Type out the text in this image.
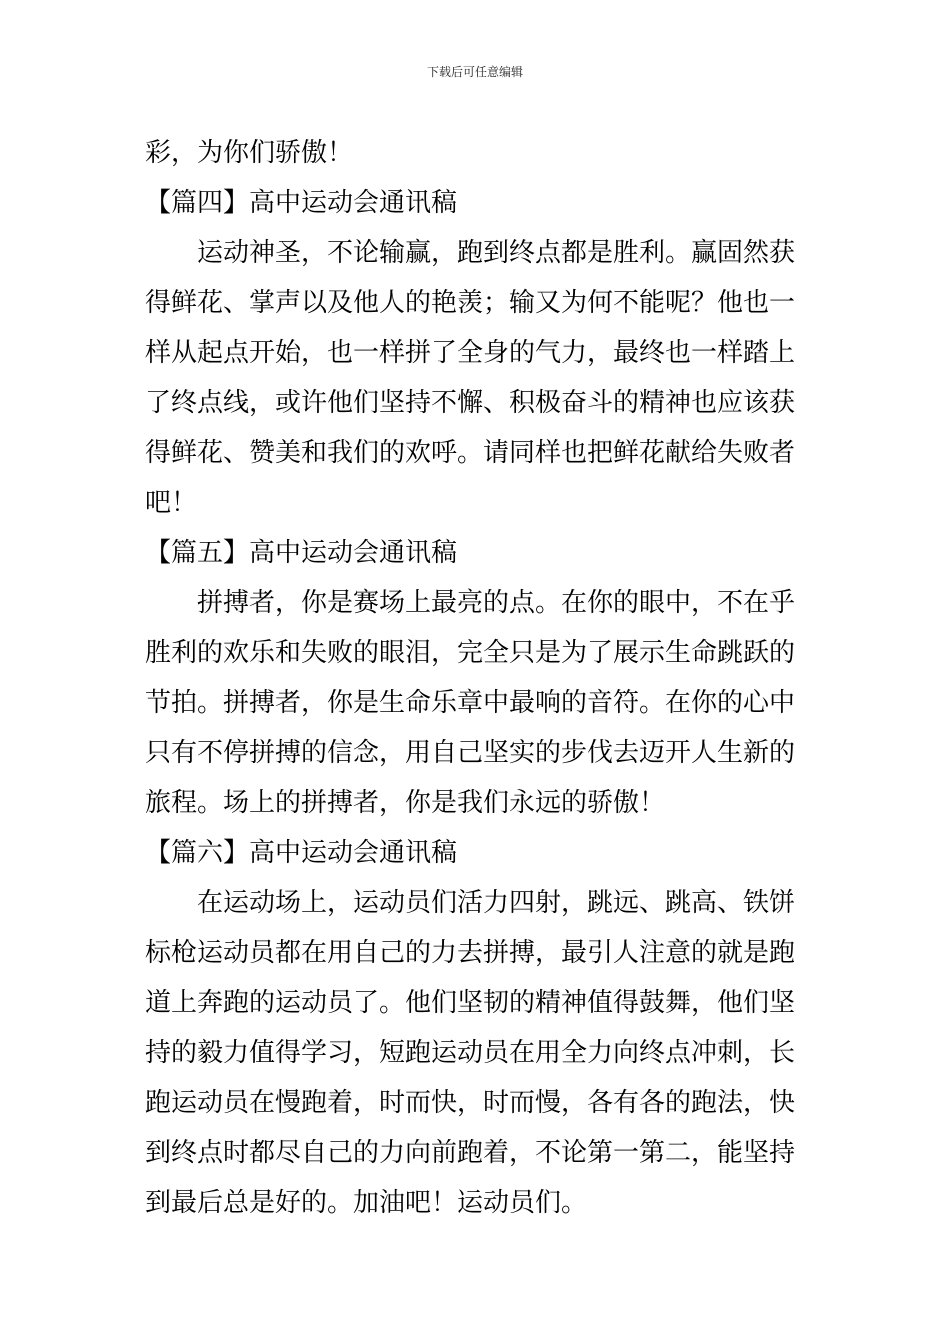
下载后可任意编辑
彩，为你们骄傲！
【篇四】高中运动会通讯稿
运动神圣，不论输赢，跑到终点都是胜利。赢固然获
得鲜花、掌声以及他人的艳羡；输又为何不能呢？他也一
样从起点开始，也一样拼了全身的气力，最终也一样踏上
了终点线，或许他们坚持不懈、积极奋斗的精神也应该获
得鲜花、赞美和我们的欢呼。请同样也把鲜花献给失败者
吧！
【篇五】高中运动会通讯稿
拼搏者，你是赛场上最亮的点。在你的眼中，不在乎
胜利的欢乐和失败的眼泪，完全只是为了展示生命跳跃的
节拍。拼搏者，你是生命乐章中最响的音符。在你的心中
只有不停拼搏的信念，用自己坚实的步伐去迈开人生新的
旅程。场上的拼搏者，你是我们永远的骄傲！
【篇六】高中运动会通讯稿
在运动场上，运动员们活力四射，跳远、跳高、铁饼
标枪运动员都在用自己的力去拼搏，最引人注意的就是跑
道上奔跑的运动员了。他们坚韧的精神值得鼓舞，他们坚
持的毅力值得学习，短跑运动员在用全力向终点冲刺，长
跑运动员在慢跑着，时而快，时而慢，各有各的跑法，快
到终点时都尽自己的力向前跑着，不论第一第二，能坚持
到最后总是好的。加油吧！运动员们。
